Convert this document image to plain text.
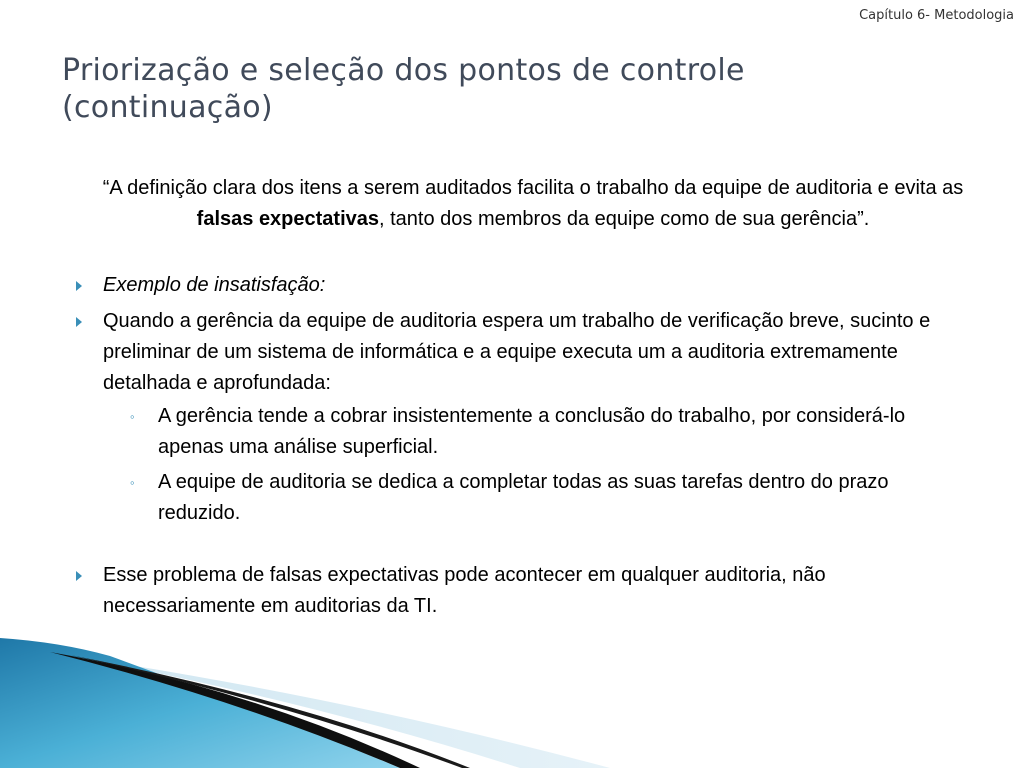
Capítulo 6- Metodologia
Priorização e seleção dos pontos de controle
(continuação)
“A definição clara dos itens a serem auditados facilita o trabalho da equipe de auditoria e evita as falsas expectativas, tanto dos membros da equipe como de sua gerência”.
Exemplo de insatisfação:
Quando a gerência da equipe de auditoria espera um trabalho de verificação breve, sucinto e preliminar de um sistema de informática e a equipe executa um a auditoria extremamente detalhada e aprofundada:
◦ A gerência tende a cobrar insistentemente a conclusão do trabalho, por considerá-lo apenas uma análise superficial.
◦ A equipe de auditoria se dedica a completar todas as suas tarefas dentro do prazo reduzido.
Esse problema de falsas expectativas pode acontecer em qualquer auditoria, não necessariamente em auditorias da TI.
